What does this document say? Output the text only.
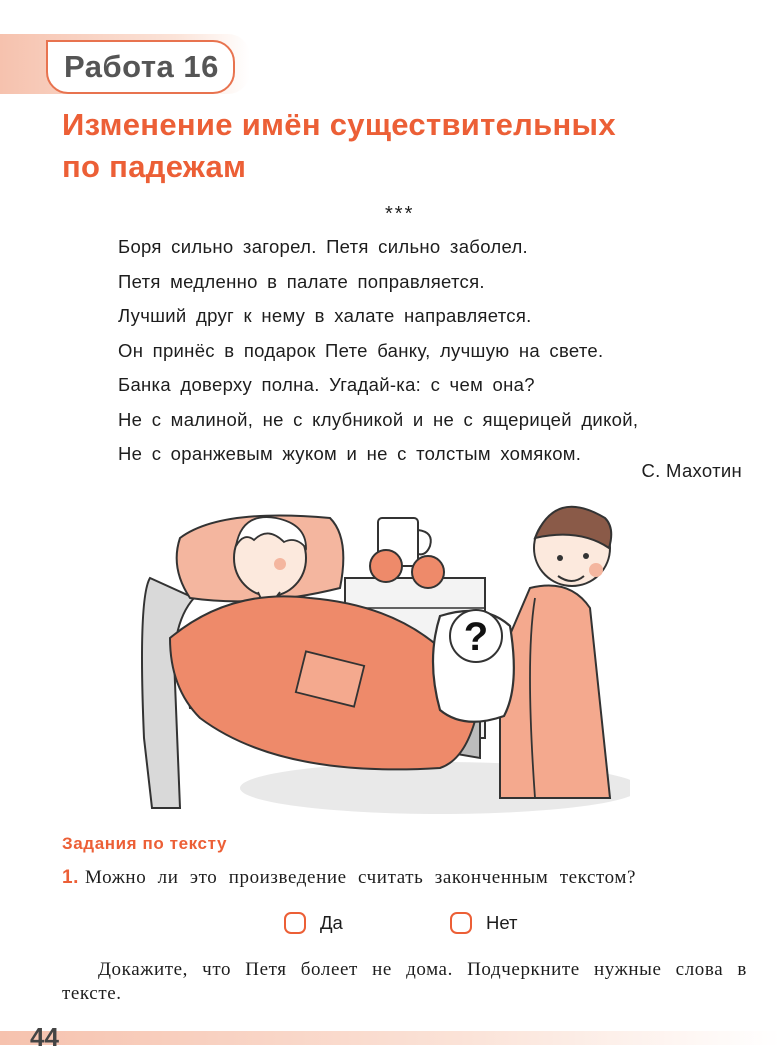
Работа 16
Изменение имён существительных
по падежам
***
Боря сильно загорел. Петя сильно заболел.
Петя медленно в палате поправляется.
Лучший друг к нему в халате направляется.
Он принёс в подарок Пете банку, лучшую на свете.
Банка доверху полна. Угадай-ка: с чем она?
Не с малиной, не с клубникой и не с ящерицей дикой,
Не с оранжевым жуком и не с толстым хомяком.
С. Махотин
?
Задания по тексту
1. Можно ли это произведение считать законченным текстом?
Да	Нет
Докажите, что Петя болеет не дома. Подчеркните нужные слова в тексте.
44
